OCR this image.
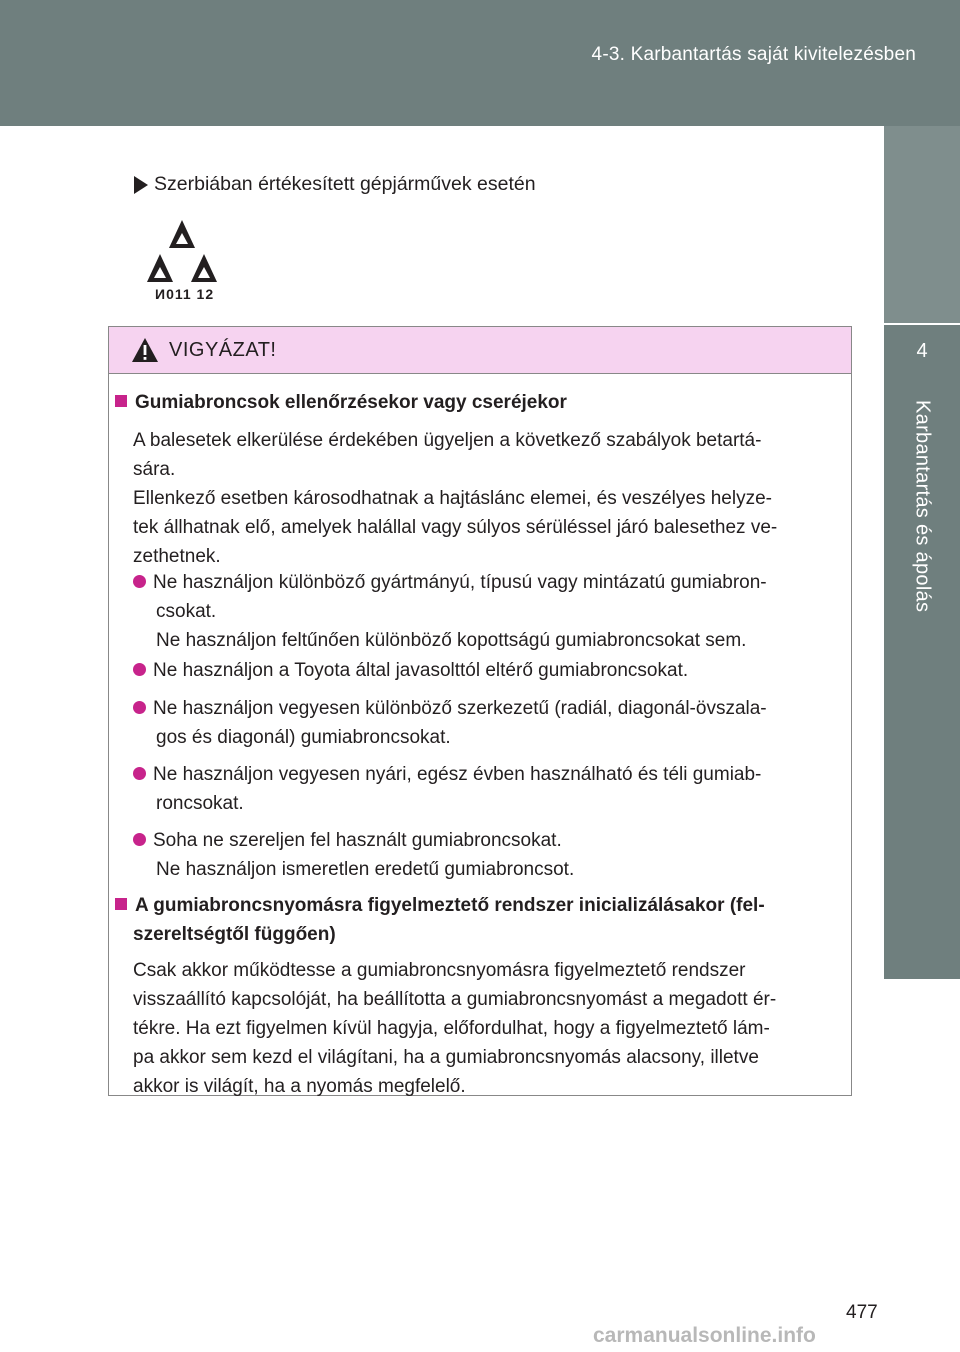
4-3. Karbantartás saját kivitelezésben
4
Karbantartás és ápolás
Szerbiában értékesített gépjárművek esetén
И011 12
VIGYÁZAT!
Gumiabroncsok ellenőrzésekor vagy cseréjekor
A balesetek elkerülése érdekében ügyeljen a következő szabályok betartá-
sára.
Ellenkező esetben károsodhatnak a hajtáslánc elemei, és veszélyes helyze-
tek állhatnak elő, amelyek halállal vagy súlyos sérüléssel járó balesethez ve-
zethetnek.
Ne használjon különböző gyártmányú, típusú vagy mintázatú gumiabron-
csokat.
Ne használjon feltűnően különböző kopottságú gumiabroncsokat sem.
Ne használjon a Toyota által javasolttól eltérő gumiabroncsokat.
Ne használjon vegyesen különböző szerkezetű (radiál, diagonál-övszala-
gos és diagonál) gumiabroncsokat.
Ne használjon vegyesen nyári, egész évben használható és téli gumiab-
roncsokat.
Soha ne szereljen fel használt gumiabroncsokat.
Ne használjon ismeretlen eredetű gumiabroncsot.
A gumiabroncsnyomásra figyelmeztető rendszer inicializálásakor (fel-
szereltségtől függően)
Csak akkor működtesse a gumiabroncsnyomásra figyelmeztető rendszer
visszaállító kapcsolóját, ha beállította a gumiabroncsnyomást a megadott ér-
tékre. Ha ezt figyelmen kívül hagyja, előfordulhat, hogy a figyelmeztető lám-
pa akkor sem kezd el világítani, ha a gumiabroncsnyomás alacsony, illetve
akkor is világít, ha a nyomás megfelelő.
477
carmanualsonline.info
